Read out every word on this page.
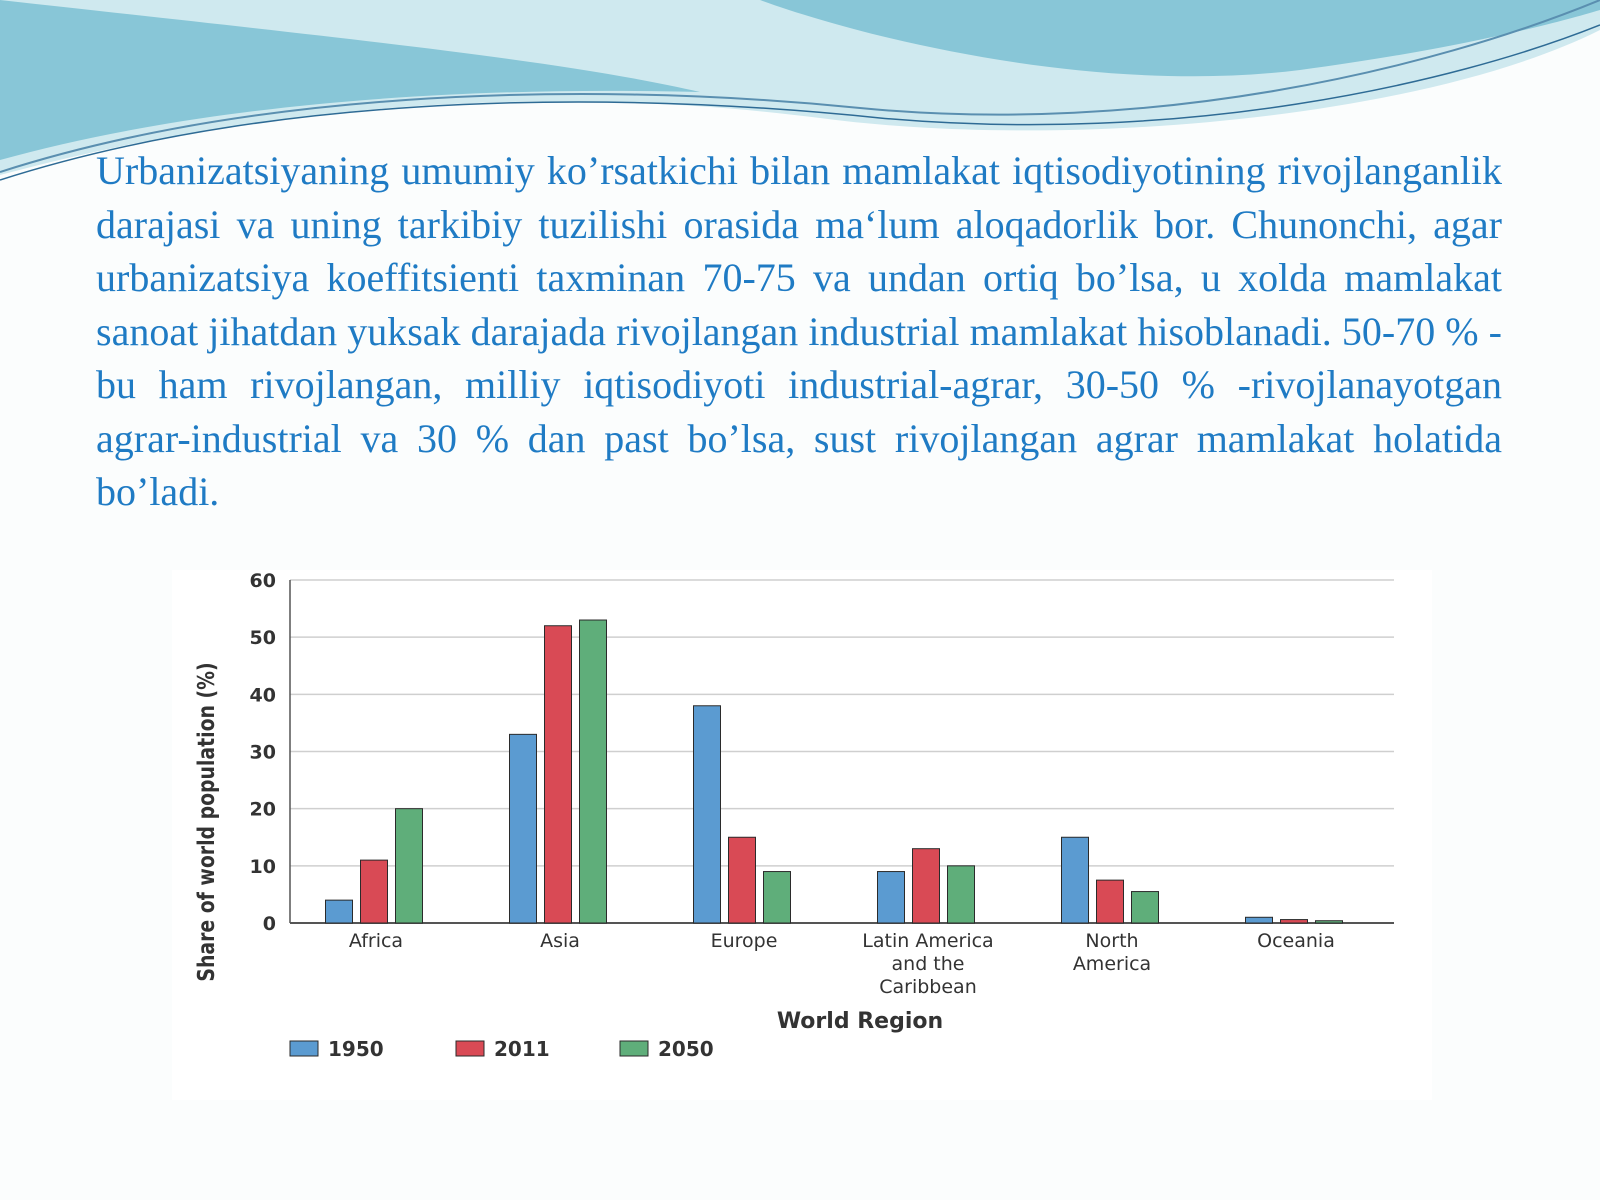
Urbanizatsiyaning umumiy ko’rsatkichi bilan mamlakat iqtisodiyotining rivojlanganlik darajasi va uning tarkibiy tuzilishi orasida ma‘lum aloqadorlik bor. Chunonchi, agar urbanizatsiya koeffitsienti taxminan 70-75 va undan ortiq bo’lsa, u xolda mamlakat sanoat jihatdan yuksak darajada rivojlangan industrial mamlakat hisoblanadi. 50-70 % -bu ham rivojlangan, milliy iqtisodiyoti industrial-agrar, 30-50 % -rivojlanayotgan agrar-industrial va 30 % dan past bo’lsa, sust rivojlangan agrar mamlakat holatida bo’ladi.

0
10
20
30
40
50
60
Africa	Asia	Europe	Latin America and the Caribbean
North America
Oceania
Share of world population (%)
World Region
1950	2011	2050
